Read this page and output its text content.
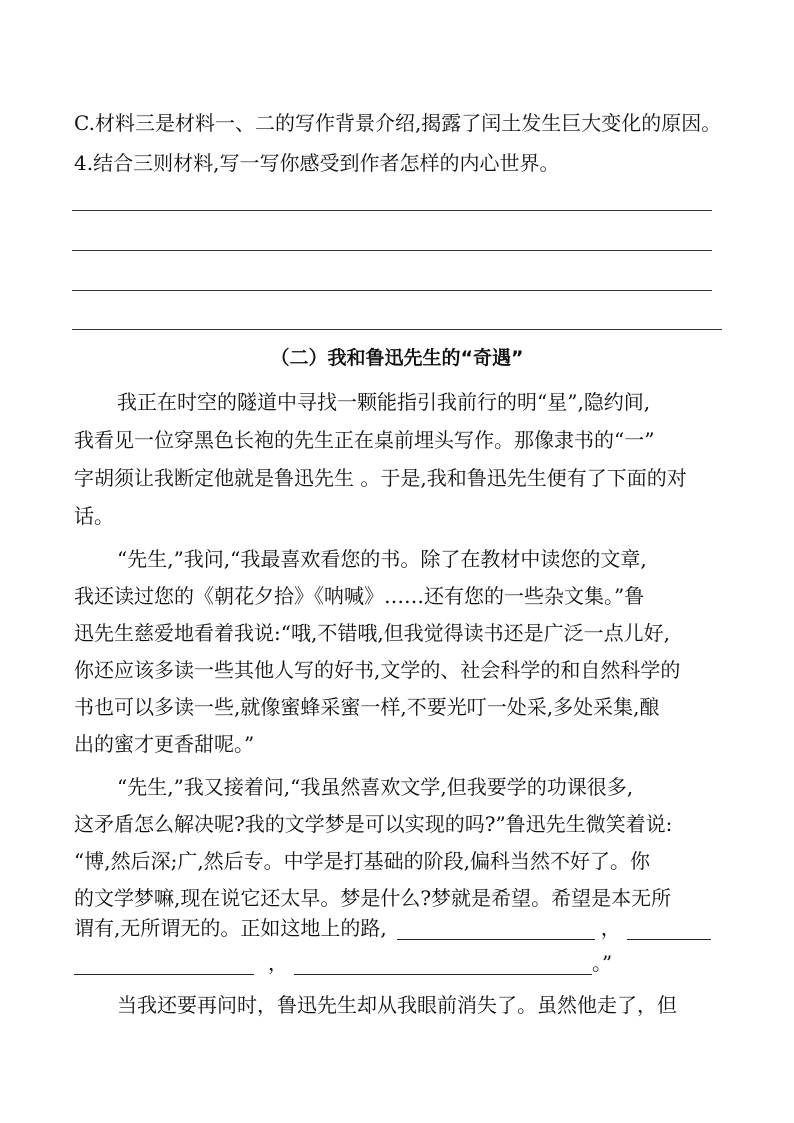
C.材料三是材料一、二的写作背景介绍,揭露了闰土发生巨大变化的原因。
4.结合三则材料,写一写你感受到作者怎样的内心世界。
（二）我和鲁迅先生的“奇遇”
我正在时空的隧道中寻找一颗能指引我前行的明“星”,隐约间,
我看见一位穿黑色长袍的先生正在桌前埋头写作。那像隶书的“一”
字胡须让我断定他就是鲁迅先生 。于是,我和鲁迅先生便有了下面的对
话。
“先生,”我问,“我最喜欢看您的书。除了在教材中读您的文章,
我还读过您的《朝花夕拾》《呐喊》……还有您的一些杂文集。”鲁
迅先生慈爱地看着我说:“哦,不错哦,但我觉得读书还是广泛一点儿好,
你还应该多读一些其他人写的好书,文学的、社会科学的和自然科学的
书也可以多读一些,就像蜜蜂采蜜一样,不要光叮一处采,多处采集,酿
出的蜜才更香甜呢。”
“先生,”我又接着问,“我虽然喜欢文学,但我要学的功课很多,
这矛盾怎么解决呢?我的文学梦是可以实现的吗?”鲁迅先生微笑着说:
“博,然后深;广,然后专。中学是打基础的阶段,偏科当然不好了。你
的文学梦嘛,现在说它还太早。梦是什么?梦就是希望。希望是本无所
谓有,无所谓无的。正如这地上的路,	，
，	。”
当我还要再问时，鲁迅先生却从我眼前消失了。虽然他走了，但
